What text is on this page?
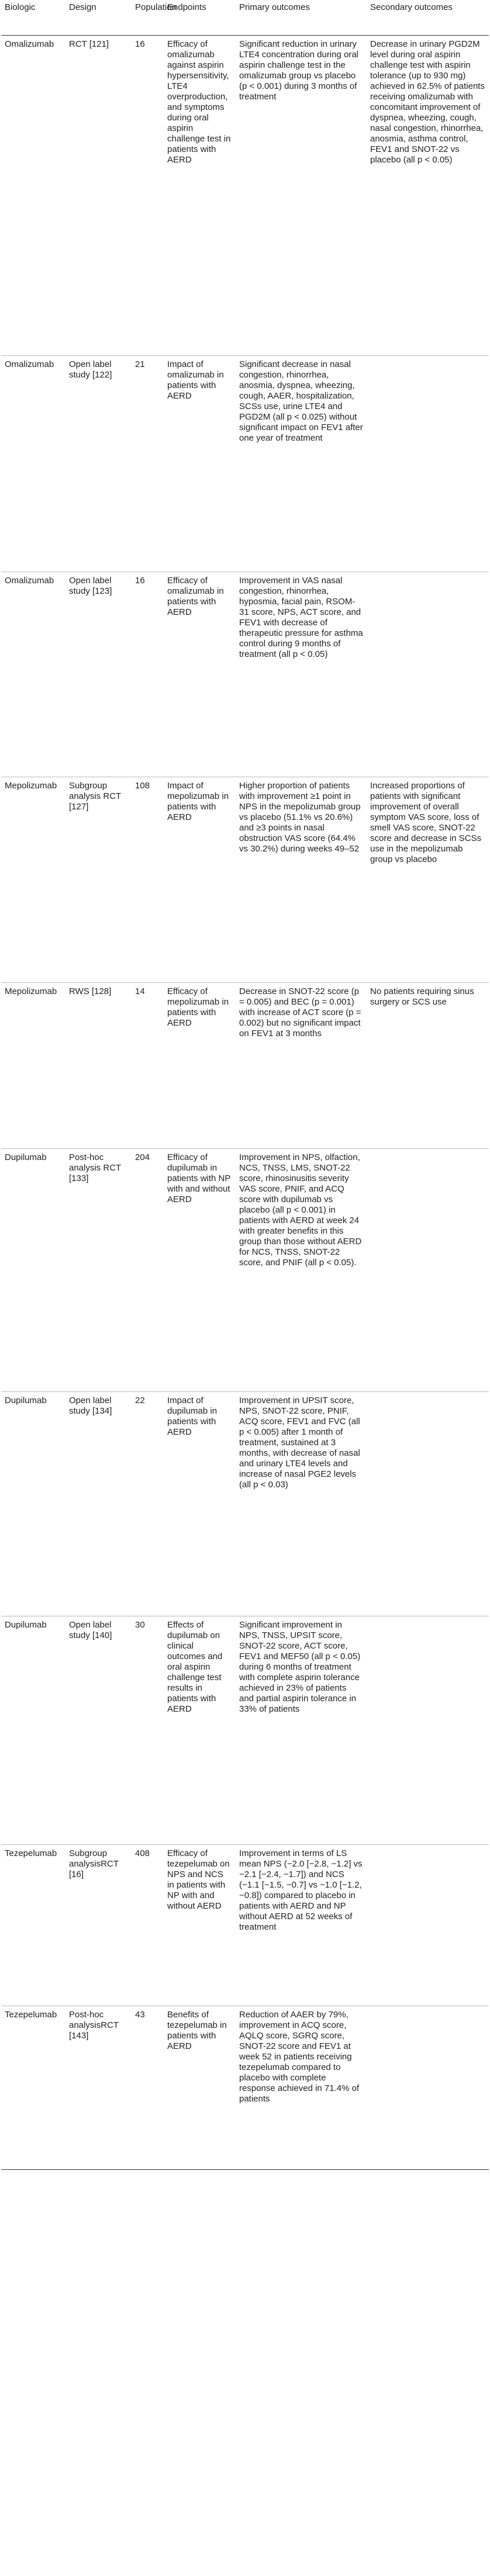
Biologic	Design	Population	Endpoints	Primary outcomes	Secondary outcomes
Omalizumab	RCT [121]	16	Efficacy of omalizumab against aspirin hypersensitivity, LTE4 overproduction, and symptoms during oral aspirin challenge test in patients with AERD	Significant reduction in urinary LTE4 concentration during oral aspirin challenge test in the omalizumab group vs placebo (p < 0.001) during 3 months of treatment	Decrease in urinary PGD2M level during oral aspirin challenge test with aspirin tolerance (up to 930 mg) achieved in 62.5% of patients receiving omalizumab with concomitant improvement of dyspnea, wheezing, cough, nasal congestion, rhinorrhea, anosmia, asthma control, FEV1 and SNOT-22 vs placebo (all p < 0.05)
Omalizumab	Open label study [122]	21	Impact of omalizumab in patients with AERD	Significant decrease in nasal congestion, rhinorrhea, anosmia, dyspnea, wheezing, cough, AAER, hospitalization, SCSs use, urine LTE4 and PGD2M (all p < 0.025) without significant impact on FEV1 after one year of treatment	
Omalizumab	Open label study [123]	16	Efficacy of omalizumab in patients with AERD	Improvement in VAS nasal congestion, rhinorrhea, hyposmia, facial pain, RSOM-31 score, NPS, ACT score, and FEV1 with decrease of therapeutic pressure for asthma control during 9 months of treatment (all p < 0.05)	
Mepolizumab	Subgroup analysis RCT [127]	108	Impact of mepolizumab in patients with AERD	Higher proportion of patients with improvement ≥1 point in NPS in the mepolizumab group vs placebo (51.1% vs 20.6%) and ≥3 points in nasal obstruction VAS score (64.4% vs 30.2%) during weeks 49–52	Increased proportions of patients with significant improvement of overall symptom VAS score, loss of smell VAS score, SNOT-22 score and decrease in SCSs use in the mepolizumab group vs placebo
Mepolizumab	RWS [128]	14	Efficacy of mepolizumab in patients with AERD	Decrease in SNOT-22 score (p = 0.005) and BEC (p = 0.001) with increase of ACT score (p = 0.002) but no significant impact on FEV1 at 3 months	No patients requiring sinus surgery or SCS use
Dupilumab	Post-hoc analysis RCT [133]	204	Efficacy of dupilumab in patients with NP with and without AERD	Improvement in NPS, olfaction, NCS, TNSS, LMS, SNOT-22 score, rhinosinusitis severity VAS score, PNIF, and ACQ score with dupilumab vs placebo (all p < 0.001) in patients with AERD at week 24 with greater benefits in this group than those without AERD for NCS, TNSS, SNOT-22 score, and PNIF (all p < 0.05).	
Dupilumab	Open label study [134]	22	Impact of dupilumab in patients with AERD	Improvement in UPSIT score, NPS, SNOT-22 score, PNIF, ACQ score, FEV1 and FVC (all p < 0.005) after 1 month of treatment, sustained at 3 months, with decrease of nasal and urinary LTE4 levels and increase of nasal PGE2 levels (all p < 0.03)	
Dupilumab	Open label study [140]	30	Effects of dupilumab on clinical outcomes and oral aspirin challenge test results in patients with AERD	Significant improvement in NPS, TNSS, UPSIT score, SNOT-22 score, ACT score, FEV1 and MEF50 (all p < 0.05) during 6 months of treatment with complete aspirin tolerance achieved in 23% of patients and partial aspirin tolerance in 33% of patients	
Tezepelumab	Subgroup analysisRCT [16]	408	Efficacy of tezepelumab on NPS and NCS in patients with NP with and without AERD	Improvement in terms of LS mean NPS (−2.0 [−2.8, −1.2] vs −2.1 [−2.4, −1.7]) and NCS (−1.1 [−1.5, −0.7] vs −1.0 [−1.2, −0.8]) compared to placebo in patients with AERD and NP without AERD at 52 weeks of treatment	
Tezepelumab	Post-hoc analysisRCT [143]	43	Benefits of tezepelumab in patients with AERD	Reduction of AAER by 79%, improvement in ACQ score, AQLQ score, SGRQ score, SNOT-22 score and FEV1 at week 52 in patients receiving tezepelumab compared to placebo with complete response achieved in 71.4% of patients	
